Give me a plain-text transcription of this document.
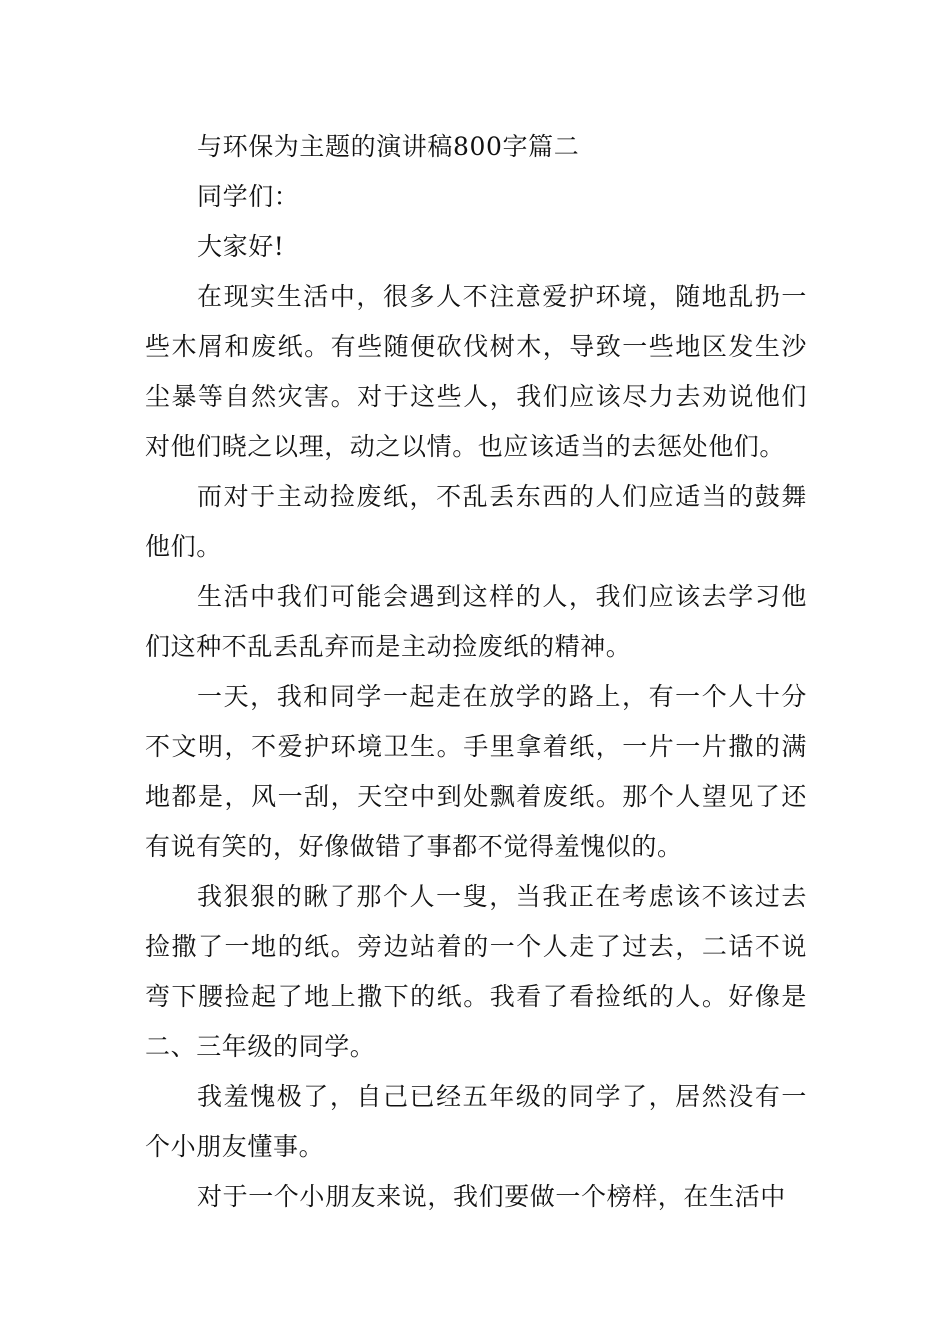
与环保为主题的演讲稿800字篇二

同学们：

大家好!

在现实生活中，很多人不注意爱护环境，随地乱扔一些木屑和废纸。有些随便砍伐树木，导致一些地区发生沙尘暴等自然灾害。对于这些人，我们应该尽力去劝说他们对他们晓之以理，动之以情。也应该适当的去惩处他们。

而对于主动捡废纸，不乱丢东西的人们应适当的鼓舞他们。

生活中我们可能会遇到这样的人，我们应该去学习他们这种不乱丢乱弃而是主动捡废纸的精神。

一天，我和同学一起走在放学的路上，有一个人十分不文明，不爱护环境卫生。手里拿着纸，一片一片撒的满地都是，风一刮，天空中到处飘着废纸。那个人望见了还有说有笑的，好像做错了事都不觉得羞愧似的。

我狠狠的瞅了那个人一叟，当我正在考虑该不该过去捡撒了一地的纸。旁边站着的一个人走了过去，二话不说弯下腰捡起了地上撒下的纸。我看了看捡纸的人。好像是二、三年级的同学。

我羞愧极了，自己已经五年级的同学了，居然没有一个小朋友懂事。

对于一个小朋友来说，我们要做一个榜样，在生活中
